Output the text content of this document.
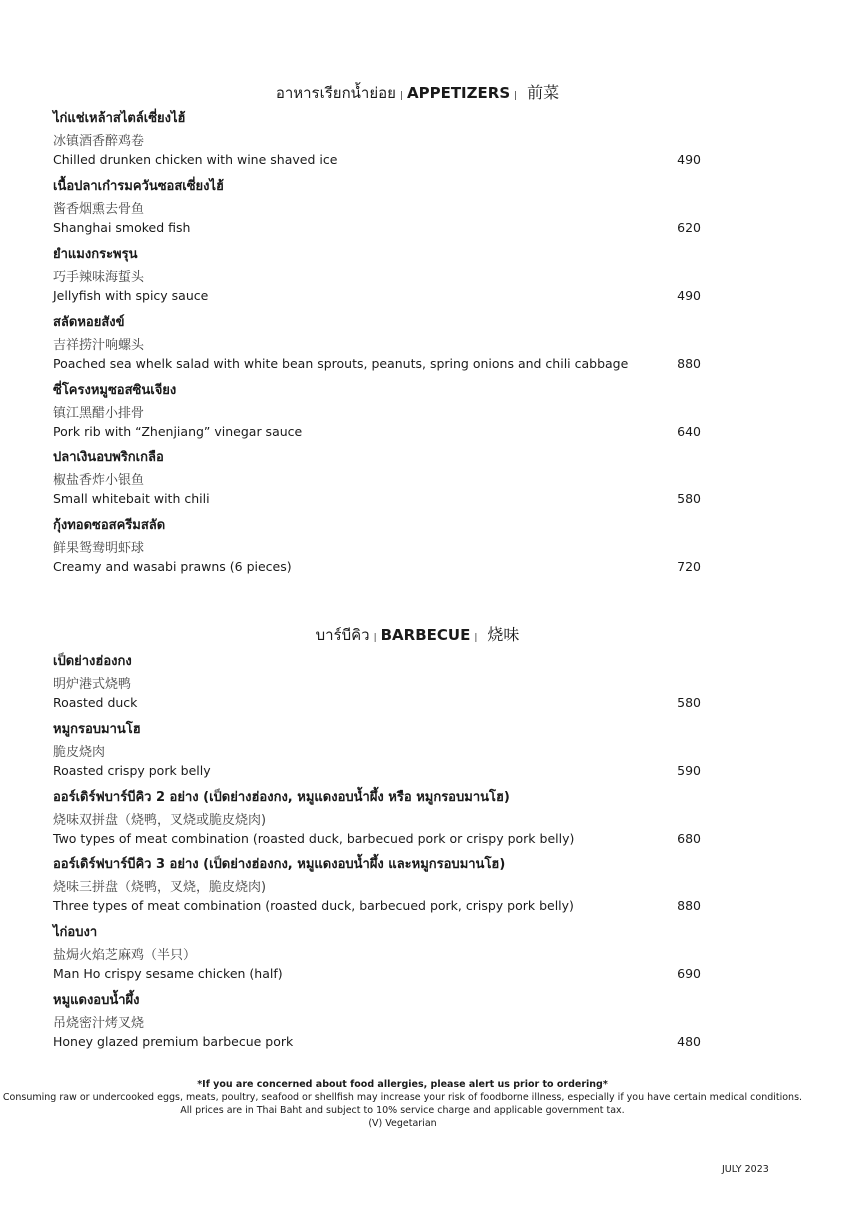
อาหารเรียกน้ำย่อย | APPETIZERS | 前菜
ไก่แช่เหล้าสไตล์เซี่ยงไฮ้
冰镇酒香醉鸡卷
Chilled drunken chicken with wine shaved ice	490
เนื้อปลาเก๋ารมควันซอสเซี่ยงไฮ้
酱香烟熏去骨鱼
Shanghai smoked fish	620
ยำแมงกระพรุน
巧手辣味海蜇头
Jellyfish with spicy sauce	490
สลัดหอยสังข์
吉祥捞汁响螺头
Poached sea whelk salad with white bean sprouts, peanuts, spring onions and chili cabbage	880
ซี่โครงหมูซอสซินเจียง
镇江黑醋小排骨
Pork rib with “Zhenjiang” vinegar sauce	640
ปลาเงินอบพริกเกลือ
椒盐香炸小银鱼
Small whitebait with chili	580
กุ้งทอดซอสครีมสลัด
鲜果鸳鸯明虾球
Creamy and wasabi prawns (6 pieces)	720
บาร์บีคิว | BARBECUE | 烧味
เป็ดย่างฮ่องกง
明炉港式烧鸭
Roasted duck	580
หมูกรอบมานโฮ
脆皮烧肉
Roasted crispy pork belly	590
ออร์เดิร์ฟบาร์บีคิว 2 อย่าง (เป็ดย่างฮ่องกง, หมูแดงอบน้ำผึ้ง หรือ หมูกรอบมานโฮ)
烧味双拼盘（烧鸭，叉烧或脆皮烧肉)
Two types of meat combination (roasted duck, barbecued pork or crispy pork belly)	680
ออร์เดิร์ฟบาร์บีคิว 3 อย่าง (เป็ดย่างฮ่องกง, หมูแดงอบน้ำผึ้ง และหมูกรอบมานโฮ)
烧味三拼盘（烧鸭，叉烧，脆皮烧肉)
Three types of meat combination (roasted duck, barbecued pork, crispy pork belly)	880
ไก่อบงา
盐焗火焰芝麻鸡（半只）
Man Ho crispy sesame chicken (half)	690
หมูแดงอบน้ำผึ้ง
吊烧密汁烤叉烧
Honey glazed premium barbecue pork	480
*If you are concerned about food allergies, please alert us prior to ordering*
Consuming raw or undercooked eggs, meats, poultry, seafood or shellfish may increase your risk of foodborne illness, especially if you have certain medical conditions.
All prices are in Thai Baht and subject to 10% service charge and applicable government tax.
(V) Vegetarian
JULY 2023
